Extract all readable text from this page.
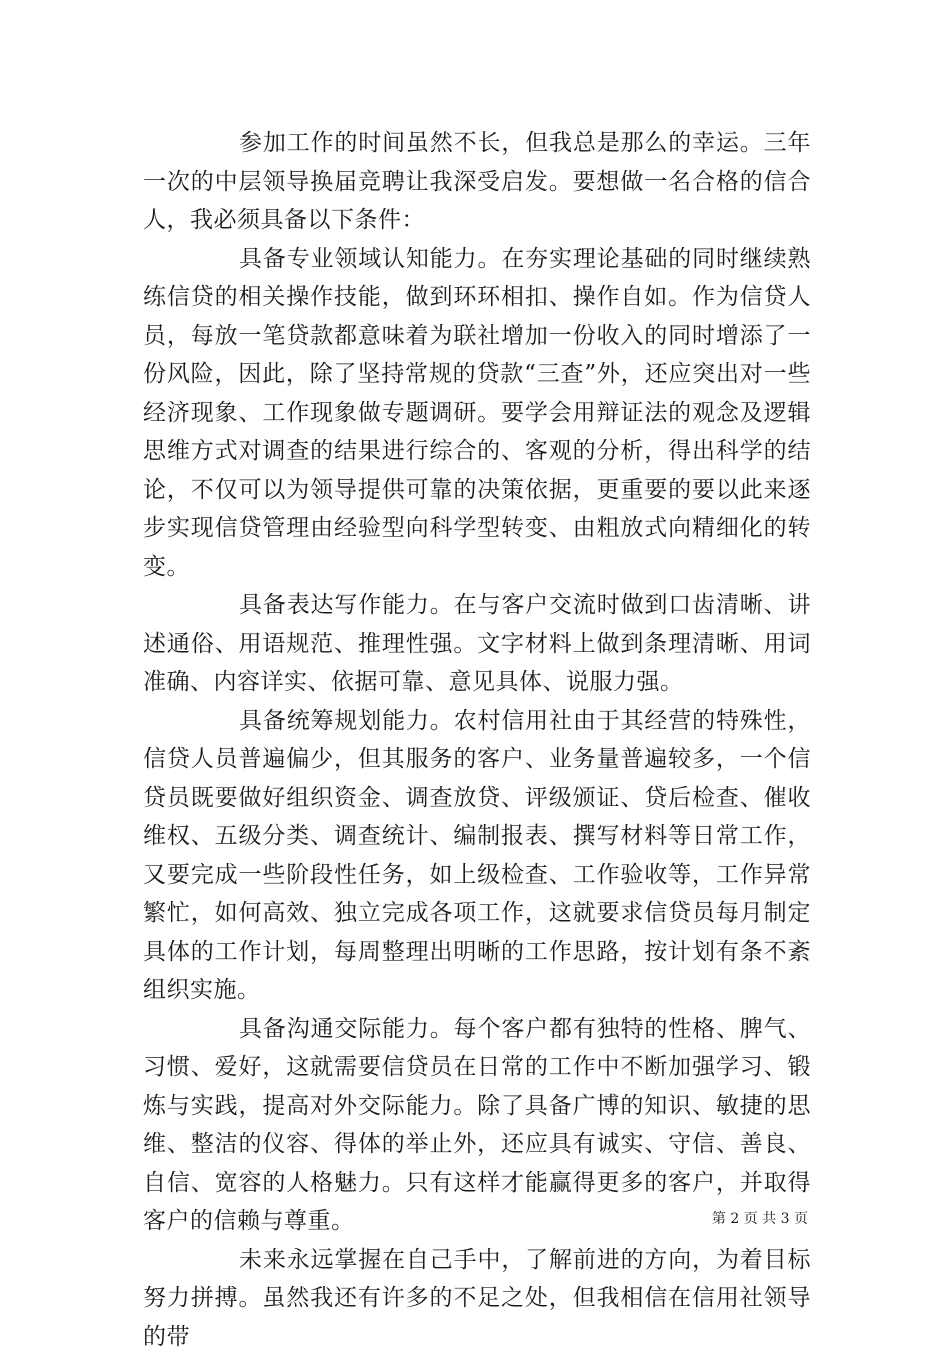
参加工作的时间虽然不长，但我总是那么的幸运。三年一次的中层领导换届竞聘让我深受启发。要想做一名合格的信合人，我必须具备以下条件：

具备专业领域认知能力。在夯实理论基础的同时继续熟练信贷的相关操作技能，做到环环相扣、操作自如。作为信贷人员，每放一笔贷款都意味着为联社增加一份收入的同时增添了一份风险，因此，除了坚持常规的贷款“三查”外，还应突出对一些经济现象、工作现象做专题调研。要学会用辩证法的观念及逻辑思维方式对调查的结果进行综合的、客观的分析，得出科学的结论，不仅可以为领导提供可靠的决策依据，更重要的要以此来逐步实现信贷管理由经验型向科学型转变、由粗放式向精细化的转变。

具备表达写作能力。在与客户交流时做到口齿清晰、讲述通俗、用语规范、推理性强。文字材料上做到条理清晰、用词准确、内容详实、依据可靠、意见具体、说服力强。

具备统筹规划能力。农村信用社由于其经营的特殊性，信贷人员普遍偏少，但其服务的客户、业务量普遍较多，一个信贷员既要做好组织资金、调查放贷、评级颁证、贷后检查、催收维权、五级分类、调查统计、编制报表、撰写材料等日常工作，又要完成一些阶段性任务，如上级检查、工作验收等，工作异常繁忙，如何高效、独立完成各项工作，这就要求信贷员每月制定具体的工作计划，每周整理出明晰的工作思路，按计划有条不紊组织实施。

具备沟通交际能力。每个客户都有独特的性格、脾气、习惯、爱好，这就需要信贷员在日常的工作中不断加强学习、锻炼与实践，提高对外交际能力。除了具备广博的知识、敏捷的思维、整洁的仪容、得体的举止外，还应具有诚实、守信、善良、自信、宽容的人格魅力。只有这样才能赢得更多的客户，并取得客户的信赖与尊重。

未来永远掌握在自己手中，了解前进的方向，为着目标努力拼搏。虽然我还有许多的不足之处，但我相信在信用社领导的带

第 2 页 共 3 页
